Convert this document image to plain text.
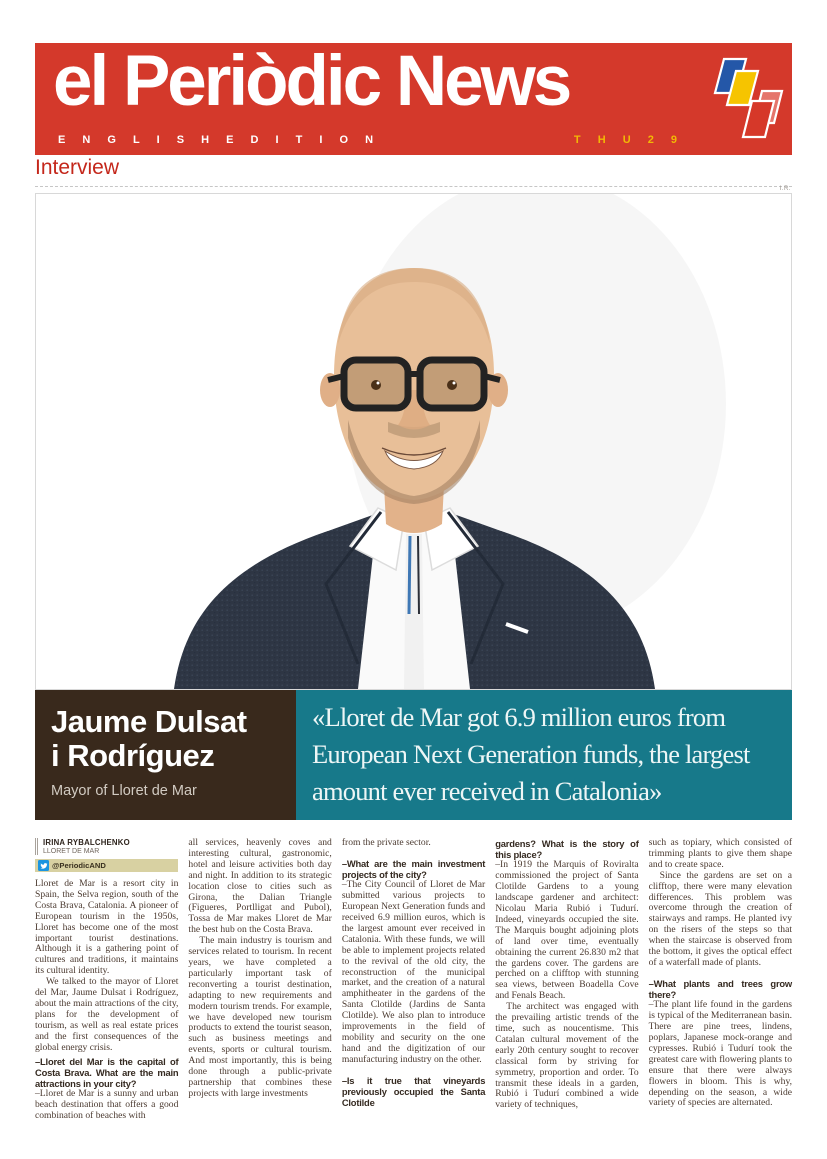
el Periòdic News
E N G L I S H E D I T I O N	T H U 2 9
Interview
I.R.
Jaume Dulsat
i Rodríguez
Mayor of Lloret de Mar
«Lloret de Mar got 6.9 million euros from European Next Generation funds, the largest amount ever received in Catalonia»
IRINA RYBALCHENKO
LLORET DE MAR
@PeriodicAND

Lloret de Mar is a resort city in Spain, the Selva region, south of the Costa Brava, Catalonia. A pioneer of European tourism in the 1950s, Lloret has become one of the most important tourist destinations. Although it is a gathering point of cultures and traditions, it maintains its cultural identity.

We talked to the mayor of Lloret del Mar, Jaume Dulsat i Rodríguez, about the main attractions of the city, plans for the development of tourism, as well as real estate prices and the first consequences of the global energy crisis.

–Lloret del Mar is the capital of Costa Brava. What are the main attractions in your city?

–Lloret de Mar is a sunny and urban beach destination that offers a good combination of beaches with

all services, heavenly coves and interesting cultural, gastronomic, hotel and leisure activities both day and night. In addition to its strategic location close to cities such as Girona, the Dalian Triangle (Figueres, Portlligat and Pubol), Tossa de Mar makes Lloret de Mar the best hub on the Costa Brava.

The main industry is tourism and services related to tourism. In recent years, we have completed a particularly important task of reconverting a tourist destination, adapting to new requirements and modern tourism trends. For example, we have developed new tourism products to extend the tourist season, such as business meetings and events, sports or cultural tourism. And most importantly, this is being done through a public-private partnership that combines these projects with large investments

from the private sector.

–What are the main investment projects of the city?

–The City Council of Lloret de Mar submitted various projects to European Next Generation funds and received 6.9 million euros, which is the largest amount ever received in Catalonia. With these funds, we will be able to implement projects related to the revival of the old city, the reconstruction of the municipal market, and the creation of a natural amphitheater in the gardens of the Santa Clotilde (Jardins de Santa Clotilde). We also plan to introduce improvements in the field of mobility and security on the one hand and the digitization of our manufacturing industry on the other.

–Is it true that vineyards previously occupied the Santa Clotilde

gardens? What is the story of this place?

–In 1919 the Marquis of Roviralta commissioned the project of Santa Clotilde Gardens to a young landscape gardener and architect: Nicolau Maria Rubió i Tudurí. Indeed, vineyards occupied the site. The Marquis bought adjoining plots of land over time, eventually obtaining the current 26.830 m2 that the gardens cover. The gardens are perched on a clifftop with stunning sea views, between Boadella Cove and Fenals Beach.

The architect was engaged with the prevailing artistic trends of the time, such as noucentisme. This Catalan cultural movement of the early 20th century sought to recover classical form by striving for symmetry, proportion and order. To transmit these ideals in a garden, Rubió i Tudurí combined a wide variety of techniques,

such as topiary, which consisted of trimming plants to give them shape and to create space.

Since the gardens are set on a clifftop, there were many elevation differences. This problem was overcome through the creation of stairways and ramps. He planted ivy on the risers of the steps so that when the staircase is observed from the bottom, it gives the optical effect of a waterfall made of plants.

–What plants and trees grow there?

–The plant life found in the gardens is typical of the Mediterranean basin. There are pine trees, lindens, poplars, Japanese mock-orange and cypresses. Rubió i Tudurí took the greatest care with flowering plants to ensure that there were always flowers in bloom. This is why, depending on the season, a wide variety of species are alternated.
